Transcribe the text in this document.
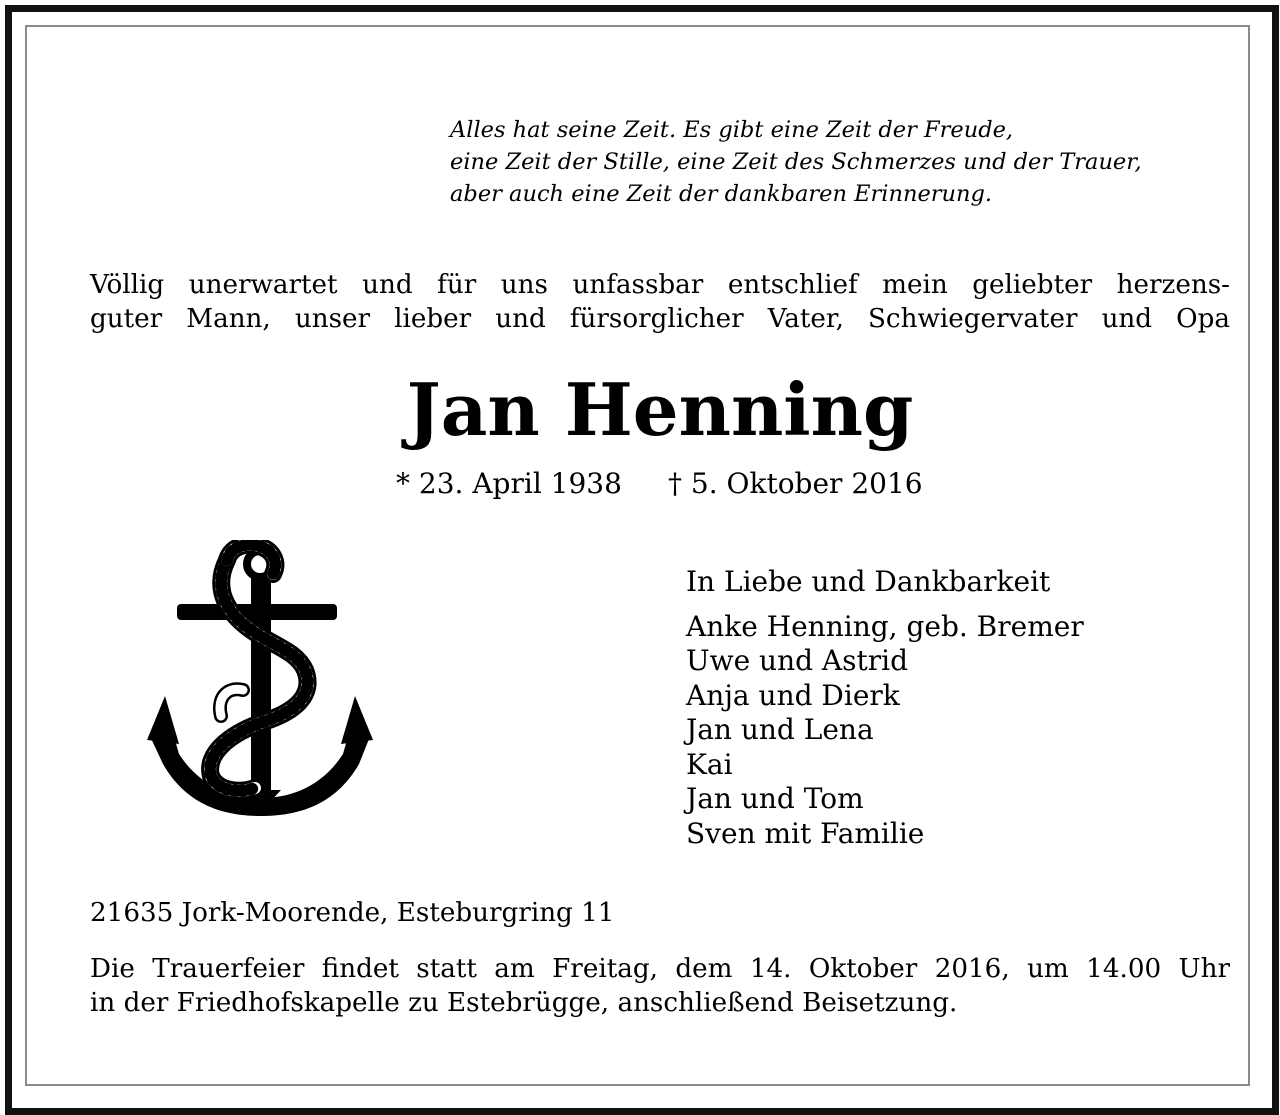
Alles hat seine Zeit. Es gibt eine Zeit der Freude,
eine Zeit der Stille, eine Zeit des Schmerzes und der Trauer,
aber auch eine Zeit der dankbaren Erinnerung.
Völlig unerwartet und für uns unfassbar entschlief mein geliebter herzens-
guter Mann, unser lieber und fürsorglicher Vater, Schwiegervater und Opa
Jan Henning
* 23. April 1938 † 5. Oktober 2016
In Liebe und Dankbarkeit
Anke Henning, geb. Bremer
Uwe und Astrid
Anja und Dierk
Jan und Lena
Kai
Jan und Tom
Sven mit Familie
21635 Jork-Moorende, Esteburgring 11
Die Trauerfeier findet statt am Freitag, dem 14. Oktober 2016, um 14.00 Uhr
in der Friedhofskapelle zu Estebrügge, anschließend Beisetzung.
